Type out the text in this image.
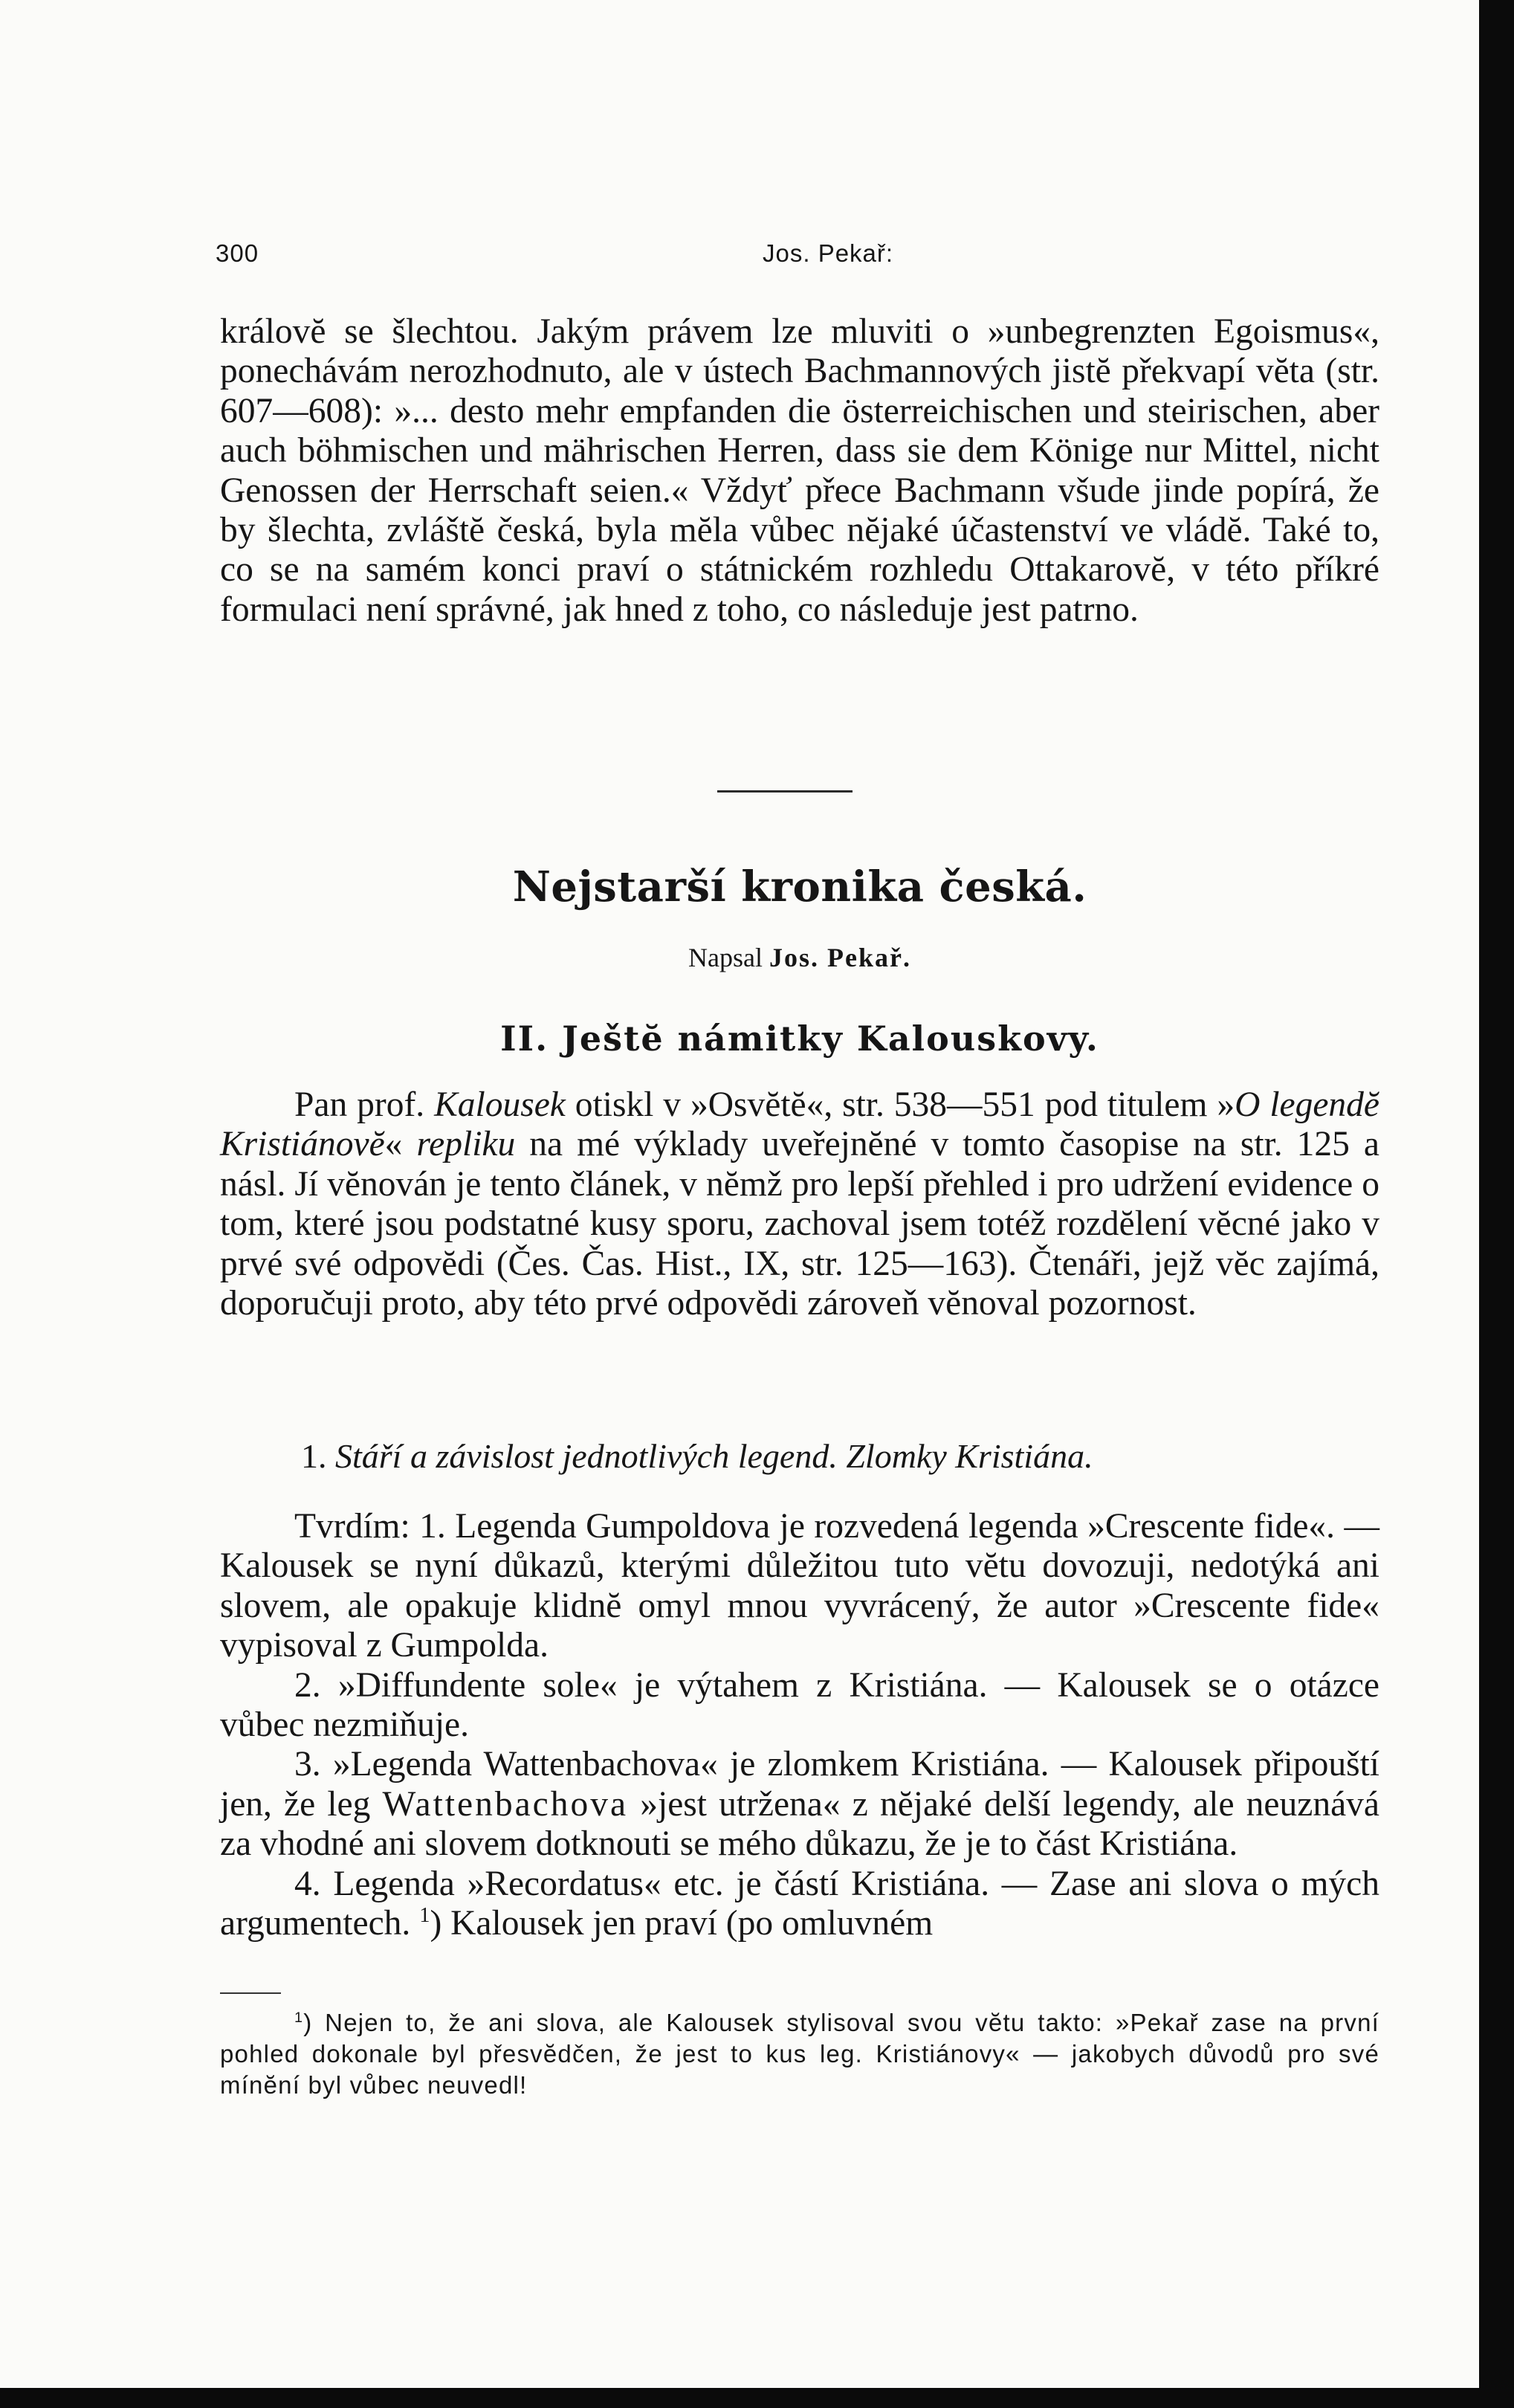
300	Jos. Pekař:

královĕ se šlechtou. Jakým právem lze mluviti o »unbegrenzten Egoismus«, ponechávám nerozhodnuto, ale v ústech Bachmannových jistĕ překvapí vĕta (str. 607—608): »... desto mehr empfanden die österreichischen und steirischen, aber auch böhmischen und mährischen Herren, dass sie dem Könige nur Mittel, nicht Genossen der Herrschaft seien.« Vždyť přece Bachmann všude jinde popírá, že by šlechta, zvláštĕ česká, byla mĕla vůbec nĕjaké účastenství ve vládĕ. Také to, co se na samém konci praví o státnickém rozhledu Ottakarovĕ, v této příkré formulaci není správné, jak hned z toho, co následuje jest patrno.

Nejstarší kronika česká.
Napsal Jos. Pekař.
II. Ještĕ námitky Kalouskovy.

Pan prof. Kalousek otiskl v »Osvĕtĕ«, str. 538—551 pod titulem »O legendĕ Kristiánovĕ« repliku na mé výklady uveřejnĕné v tomto časopise na str. 125 a násl. Jí vĕnován je tento článek, v nĕmž pro lepší přehled i pro udržení evidence o tom, které jsou podstatné kusy sporu, zachoval jsem totéž rozdĕlení vĕcné jako v prvé své odpovĕdi (Čes. Čas. Hist., IX, str. 125—163). Čtenáři, jejž vĕc zajímá, doporučuji proto, aby této prvé odpovĕdi zároveň vĕnoval pozornost.

1. Stáří a závislost jednotlivých legend. Zlomky Kristiána.

Tvrdím: 1. Legenda Gumpoldova je rozvedená legenda »Crescente fide«. — Kalousek se nyní důkazů, kterými důležitou tuto vĕtu dovozuji, nedotýká ani slovem, ale opakuje klidnĕ omyl mnou vyvrácený, že autor »Crescente fide« vypisoval z Gumpolda.

2. »Diffundente sole« je výtahem z Kristiána. — Kalousek se o otázce vůbec nezmiňuje.

3. »Legenda Wattenbachova« je zlomkem Kristiána. — Kalousek připouští jen, že leg Wattenbachova »jest utržena« z nĕjaké delší legendy, ale neuznává za vhodné ani slovem dotknouti se mého důkazu, že je to část Kristiána.

4. Legenda »Recordatus« etc. je částí Kristiána. — Zase ani slova o mých argumentech. $^1$) Kalousek jen praví (po omluvném

$^1$) Nejen to, že ani slova, ale Kalousek stylisoval svou vĕtu takto: »Pekař zase na první pohled dokonale byl přesvĕdčen, že jest to kus leg. Kristiánovy« — jakobych důvodů pro své mínĕní byl vůbec neuvedl!
